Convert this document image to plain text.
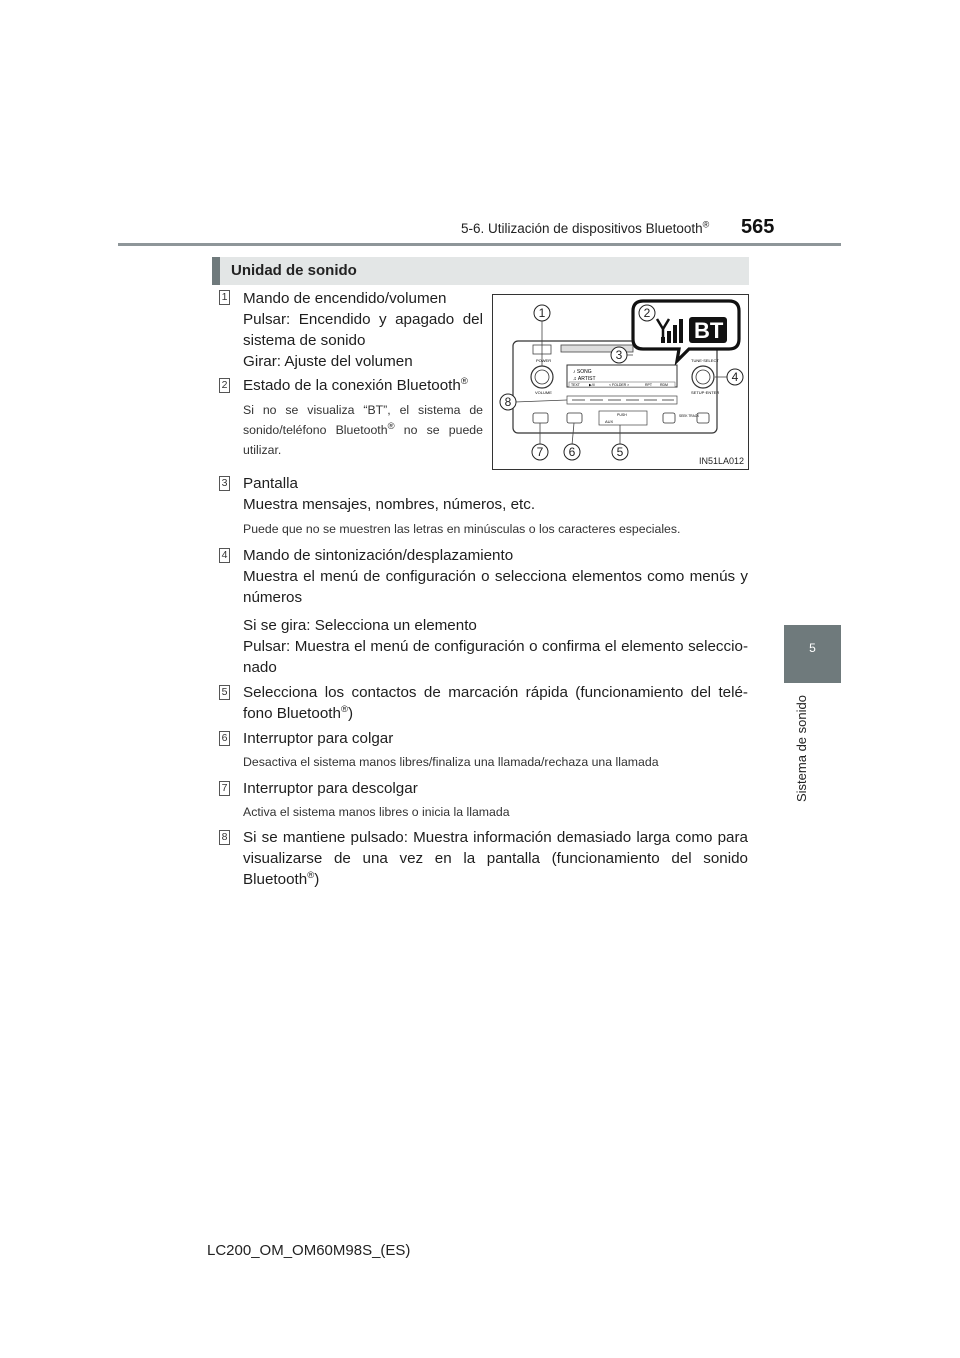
5-6. Utilización de dispositivos Bluetooth® 565
5
Sistema de sonido
Unidad de sonido
POWER
VOLUME
TUNE·SELECT
SETUP·ENTER
♪ SONG
♫ ARTIST
TEXT	▶/II	< FOLDER >	RPT RDM
PUSH
AUX
SEEK TRACK
BT
1	2
3
4
5
6
7
8
IN51LA012
1 Mando de encendido/volumen
Pulsar: Encendido y apagado del sistema de sonido
Girar: Ajuste del volumen
2 Estado de la conexión Bluetooth®
Si no se visualiza “BT”, el sistema de sonido/teléfono Bluetooth® no se puede utilizar.
3 Pantalla
Muestra mensajes, nombres, números, etc.
Puede que no se muestren las letras en minúsculas o los caracteres especiales.
4 Mando de sintonización/desplazamiento
Muestra el menú de configuración o selecciona elementos como menús y números
Si se gira: Selecciona un elemento
Pulsar: Muestra el menú de configuración o confirma el elemento seleccio-nado
5 Selecciona los contactos de marcación rápida (funcionamiento del telé-fono Bluetooth®)
6 Interruptor para colgar
Desactiva el sistema manos libres/finaliza una llamada/rechaza una llamada
7 Interruptor para descolgar
Activa el sistema manos libres o inicia la llamada
8 Si se mantiene pulsado: Muestra información demasiado larga como para visualizarse de una vez en la pantalla (funcionamiento del sonido Bluetooth®)
LC200_OM_OM60M98S_(ES)
